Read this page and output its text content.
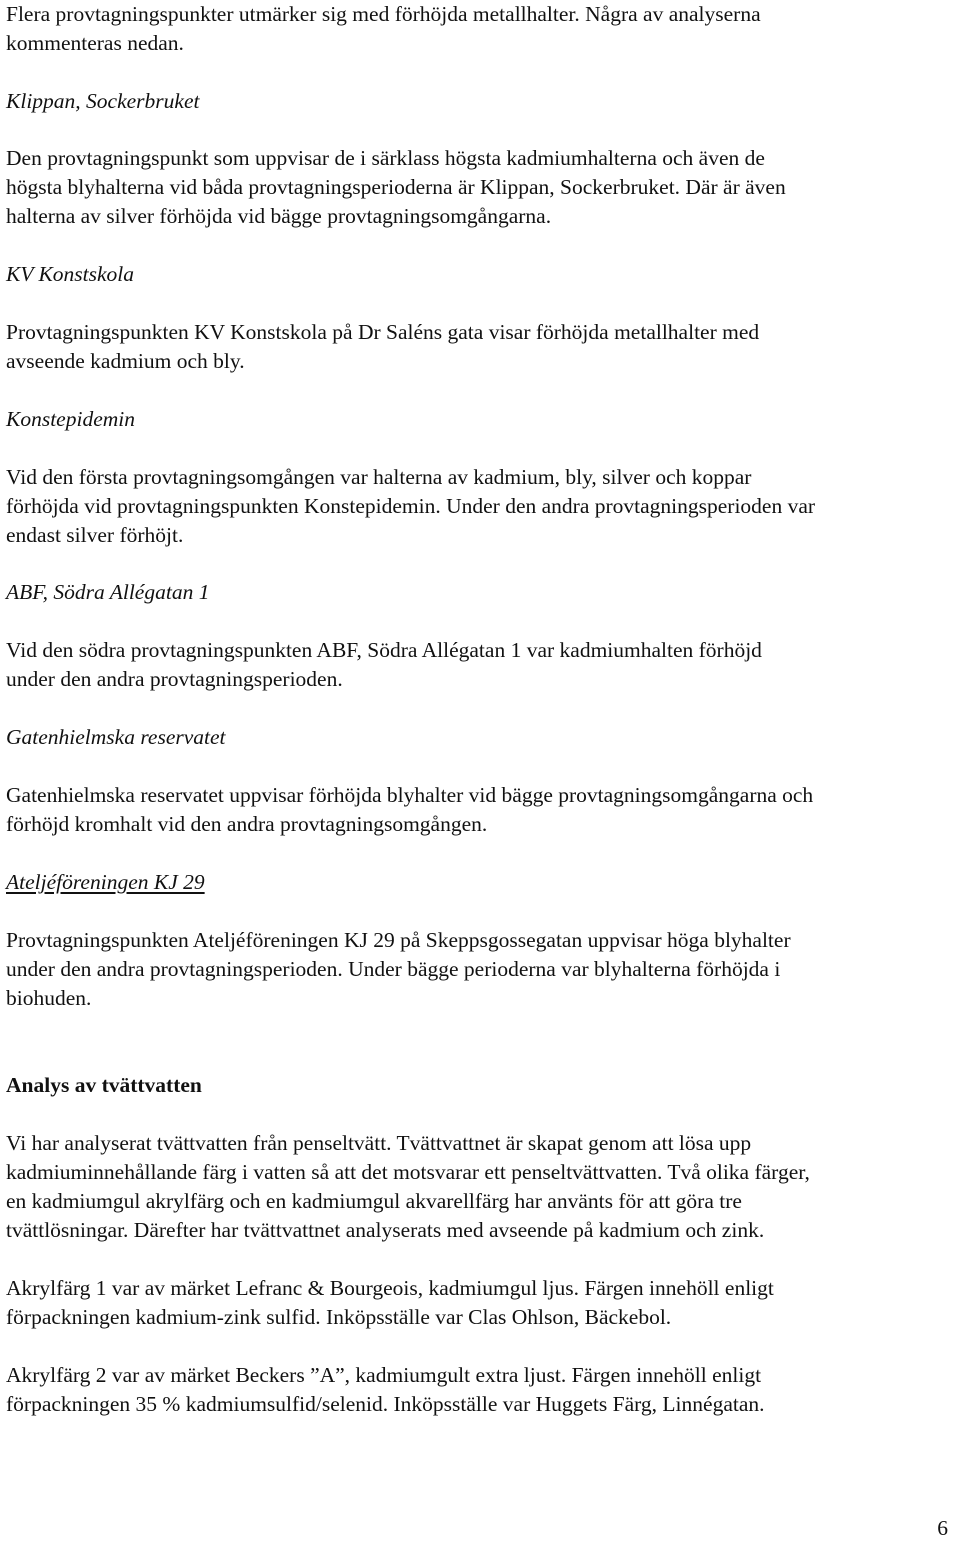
Flera provtagningspunkter utmärker sig med förhöjda metallhalter. Några av analyserna
kommenteras nedan.

Klippan, Sockerbruket

Den provtagningspunkt som uppvisar de i särklass högsta kadmiumhalterna och även de
högsta blyhalterna vid båda provtagningsperioderna är Klippan, Sockerbruket. Där är även
halterna av silver förhöjda vid bägge provtagningsomgångarna.

KV Konstskola

Provtagningspunkten KV Konstskola på Dr Saléns gata visar förhöjda metallhalter med
avseende kadmium och bly.

Konstepidemin

Vid den första provtagningsomgången var halterna av kadmium, bly, silver och koppar
förhöjda vid provtagningspunkten Konstepidemin. Under den andra provtagningsperioden var
endast silver förhöjt.

ABF, Södra Allégatan 1

Vid den södra provtagningspunkten ABF, Södra Allégatan 1 var kadmiumhalten förhöjd
under den andra provtagningsperioden.

Gatenhielmska reservatet

Gatenhielmska reservatet uppvisar förhöjda blyhalter vid bägge provtagningsomgångarna och
förhöjd kromhalt vid den andra provtagningsomgången.

Ateljéföreningen KJ 29

Provtagningspunkten Ateljéföreningen KJ 29 på Skeppsgossegatan uppvisar höga blyhalter
under den andra provtagningsperioden. Under bägge perioderna var blyhalterna förhöjda i
biohuden.

Analys av tvättvatten

Vi har analyserat tvättvatten från penseltvätt. Tvättvattnet är skapat genom att lösa upp
kadmiuminnehållande färg i vatten så att det motsvarar ett penseltvättvatten. Två olika färger,
en kadmiumgul akrylfärg och en kadmiumgul akvarellfärg har använts för att göra tre
tvättlösningar. Därefter har tvättvattnet analyserats med avseende på kadmium och zink.

Akrylfärg 1 var av märket Lefranc & Bourgeois, kadmiumgul ljus. Färgen innehöll enligt
förpackningen kadmium-zink sulfid. Inköpsställe var Clas Ohlson, Bäckebol.

Akrylfärg 2 var av märket Beckers ”A”, kadmiumgult extra ljust. Färgen innehöll enligt
förpackningen 35 % kadmiumsulfid/selenid. Inköpsställe var Huggets Färg, Linnégatan.

6
